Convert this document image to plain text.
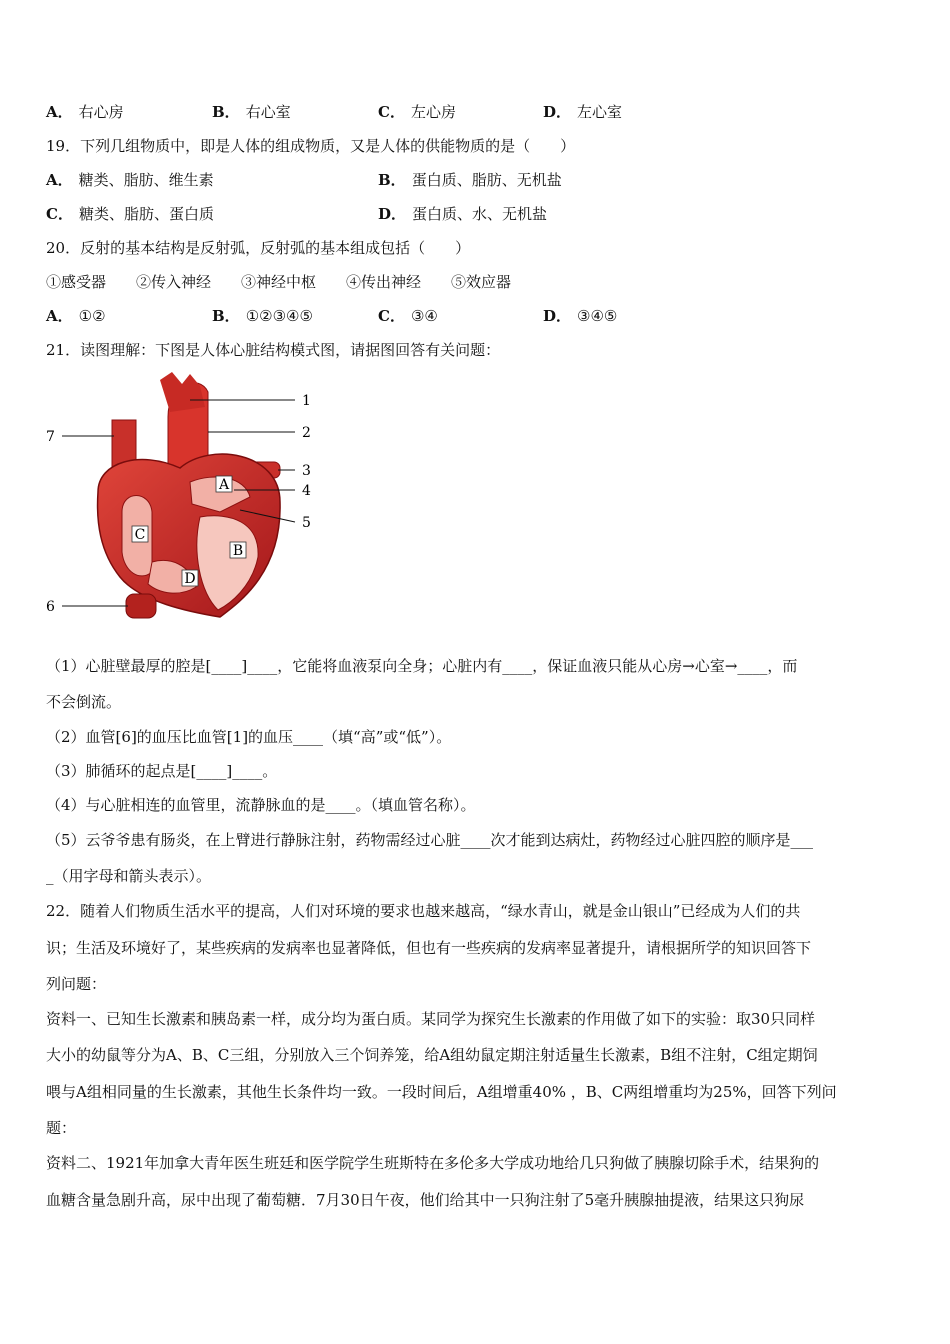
A． 右心房	B． 右心室	C． 左心房	D． 左心室
19．下列几组物质中，即是人体的组成物质，又是人体的供能物质的是（　　）
A． 糖类、脂肪、维生素	B． 蛋白质、脂肪、无机盐
C． 糖类、脂肪、蛋白质	D． 蛋白质、水、无机盐
20．反射的基本结构是反射弧，反射弧的基本组成包括（　　）
①感受器　　②传入神经　　③神经中枢　　④传出神经　　⑤效应器
A． ①②	B． ①②③④⑤	C． ③④	D． ③④⑤
21．读图理解：下图是人体心脏结构模式图，请据图回答有关问题：
A
B
C
D
1
2
3
4
5
6
7
（1）心脏壁最厚的腔是[____]____，它能将血液泵向全身；心脏内有____，保证血液只能从心房→心室→____，而
不会倒流。
（2）血管[6]的血压比血管[1]的血压____（填“高”或“低”）。
（3）肺循环的起点是[____]____。
（4）与心脏相连的血管里，流静脉血的是____。（填血管名称）。
（5）云爷爷患有肠炎，在上臂进行静脉注射，药物需经过心脏____次才能到达病灶，药物经过心脏四腔的顺序是___
_（用字母和箭头表示）。
22．随着人们物质生活水平的提高，人们对环境的要求也越来越高，“绿水青山，就是金山银山”已经成为人们的共
识；生活及环境好了，某些疾病的发病率也显著降低，但也有一些疾病的发病率显著提升，请根据所学的知识回答下
列问题：
资料一、已知生长激素和胰岛素一样，成分均为蛋白质。某同学为探究生长激素的作用做了如下的实验：取30只同样
大小的幼鼠等分为A、B、C三组，分别放入三个饲养笼，给A组幼鼠定期注射适量生长激素，B组不注射，C组定期饲
喂与A组相同量的生长激素，其他生长条件均一致。一段时间后，A组增重40% ，B、C两组增重均为25%，回答下列问
题：
资料二、1921年加拿大青年医生班廷和医学院学生班斯特在多伦多大学成功地给几只狗做了胰腺切除手术，结果狗的
血糖含量急剧升高，尿中出现了葡萄糖．7月30日午夜，他们给其中一只狗注射了5毫升胰腺抽提液，结果这只狗尿
